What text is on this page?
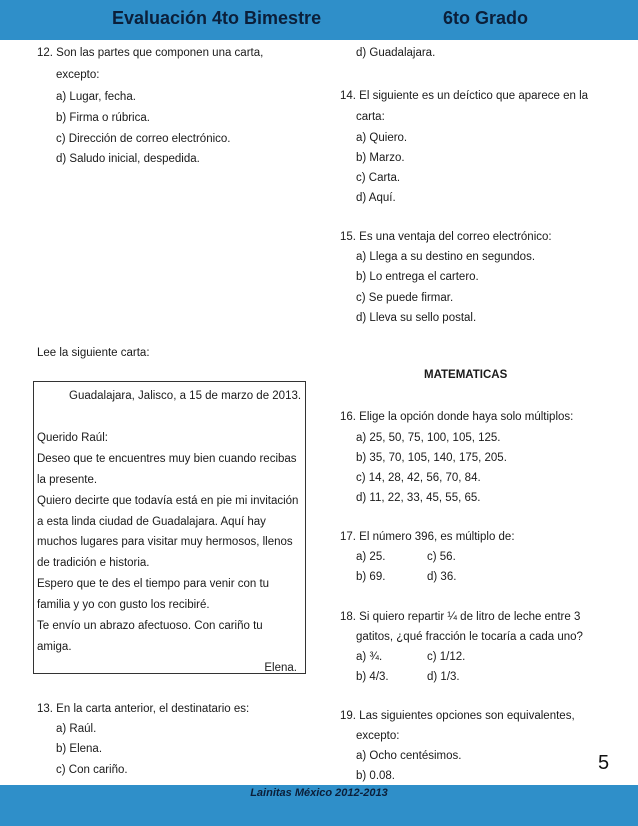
Evaluación 4to Bimestre	6to Grado
12. Son las partes que componen una carta,
excepto:
a) Lugar, fecha.
b) Firma o rúbrica.
c) Dirección de correo electrónico.
d) Saludo inicial, despedida.
Lee la siguiente carta:
Guadalajara, Jalisco, a 15 de marzo de 2013.
Querido Raúl:
Deseo que te encuentres muy bien cuando recibas
la presente.
Quiero decirte que todavía está en pie mi invitación
a esta linda ciudad de Guadalajara. Aquí hay
muchos lugares para visitar muy hermosos, llenos
de tradición e historia.
Espero que te des el tiempo para venir con tu
familia y yo con gusto los recibiré.
Te envío un abrazo afectuoso. Con cariño tu
amiga.
Elena.
13. En la carta anterior, el destinatario es:
a) Raúl.
b) Elena.
c) Con cariño.
d) Guadalajara.
14. El siguiente es un deíctico que aparece en la
carta:
a) Quiero.
b) Marzo.
c) Carta.
d) Aquí.
15. Es una ventaja del correo electrónico:
a) Llega a su destino en segundos.
b) Lo entrega el cartero.
c) Se puede firmar.
d) Lleva su sello postal.
MATEMATICAS
16. Elige la opción donde haya solo múltiplos:
a) 25, 50, 75, 100, 105, 125.
b) 35, 70, 105, 140, 175, 205.
c) 14, 28, 42, 56, 70, 84.
d) 11, 22, 33, 45, 55, 65.
17. El número 396, es múltiplo de:
a) 25.	c) 56.
b) 69.	d) 36.
18. Si quiero repartir ¼ de litro de leche entre 3
gatitos, ¿qué fracción le tocaría a cada uno?
a) ¾.	c) 1/12.
b) 4/3.	d) 1/3.
19. Las siguientes opciones son equivalentes,
excepto:
a) Ocho centésimos.
b) 0.08.
5
Lainitas México 2012-2013
